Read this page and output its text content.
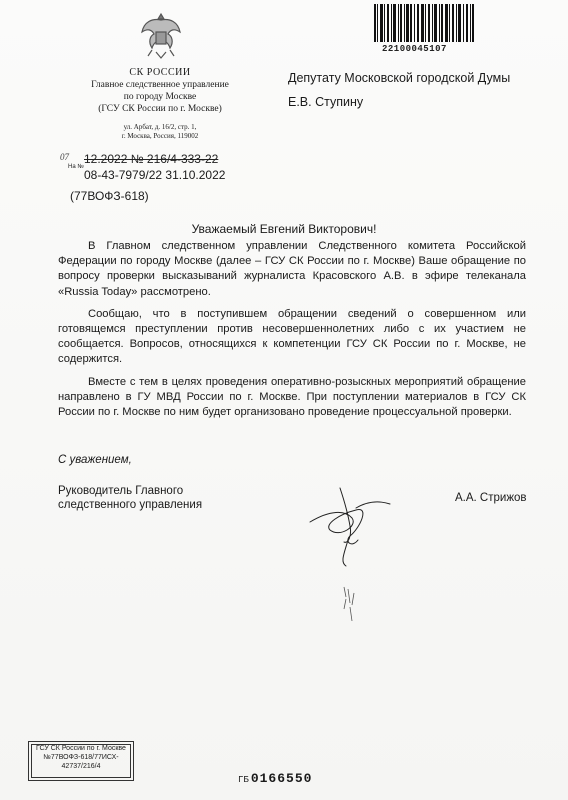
22100045107
СК РОССИИ
Главное следственное управление
по городу Москве
(ГСУ СК России по г. Москве)
ул. Арбат, д. 16/2, стр. 1,
г. Москва, Россия, 119002
Депутату Московской городской Думы
Е.В. Ступину
07	12.2022 № 216/4-333-22
На №
08-43-7979/22 31.10.2022
(77ВОФЗ-618)
Уважаемый Евгений Викторович!

В Главном следственном управлении Следственного комитета Российской Федерации по городу Москве (далее – ГСУ СК России по г. Москве) Ваше обращение по вопросу проверки высказываний журналиста Красовского А.В. в эфире телеканала «Russia Today» рассмотрено.

Сообщаю, что в поступившем обращении сведений о совершенном или готовящемся преступлении против несовершеннолетних либо с их участием не сообщается. Вопросов, относящихся к компетенции ГСУ СК России по г. Москве, не содержится.

Вместе с тем в целях проведения оперативно-розыскных мероприятий обращение направлено в ГУ МВД России по г. Москве. При поступлении материалов в ГСУ СК России по г. Москве по ним будет организовано проведение процессуальной проверки.

С уважением,
Руководитель Главного
следственного управления
А.А. Стрижов
ГСУ СК России по г. Москве
№77ВОФЗ-618/77ИСХ-
42737/216/4
ГБ 0166550
